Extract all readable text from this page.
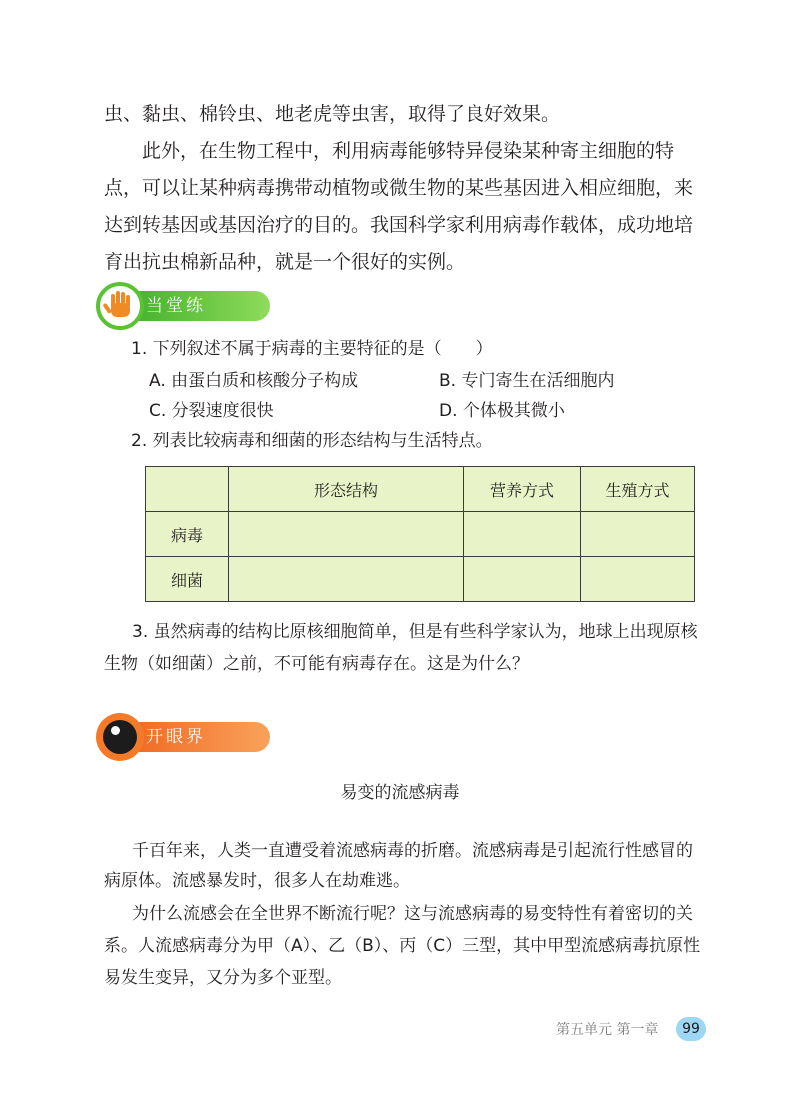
虫、黏虫、棉铃虫、地老虎等虫害，取得了良好效果。

此外，在生物工程中，利用病毒能够特异侵染某种寄主细胞的特点，可以让某种病毒携带动植物或微生物的某些基因进入相应细胞，来达到转基因或基因治疗的目的。我国科学家利用病毒作载体，成功地培育出抗虫棉新品种，就是一个很好的实例。

当堂练

1. 下列叙述不属于病毒的主要特征的是（　　）

A. 由蛋白质和核酸分子构成	B. 专门寄生在活细胞内

C. 分裂速度很快	D. 个体极其微小

2. 列表比较病毒和细菌的形态结构与生活特点。

	形态结构	营养方式	生殖方式
病毒			
细菌			

3. 虽然病毒的结构比原核细胞简单，但是有些科学家认为，地球上出现原核生物（如细菌）之前，不可能有病毒存在。这是为什么？

开眼界
易变的流感病毒

千百年来，人类一直遭受着流感病毒的折磨。流感病毒是引起流行性感冒的病原体。流感暴发时，很多人在劫难逃。

为什么流感会在全世界不断流行呢？这与流感病毒的易变特性有着密切的关系。人流感病毒分为甲（A）、乙（B）、丙（C）三型，其中甲型流感病毒抗原性易发生变异，又分为多个亚型。

第五单元 第一章	99
